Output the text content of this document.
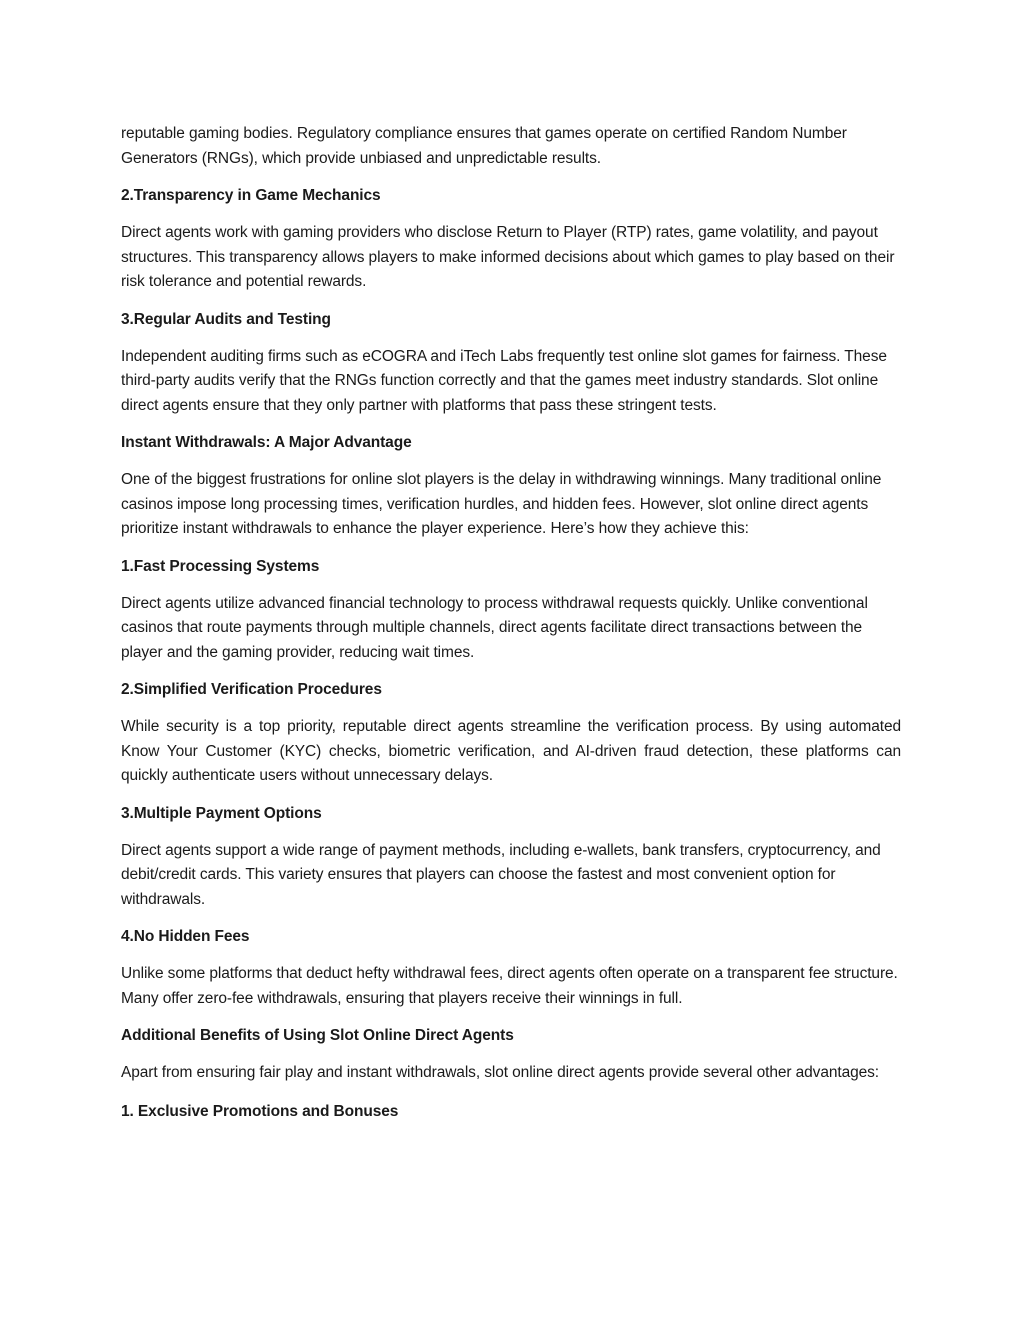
reputable gaming bodies. Regulatory compliance ensures that games operate on certified Random Number Generators (RNGs), which provide unbiased and unpredictable results.

2.Transparency in Game Mechanics

Direct agents work with gaming providers who disclose Return to Player (RTP) rates, game volatility, and payout structures. This transparency allows players to make informed decisions about which games to play based on their risk tolerance and potential rewards.

3.Regular Audits and Testing

Independent auditing firms such as eCOGRA and iTech Labs frequently test online slot games for fairness. These third-party audits verify that the RNGs function correctly and that the games meet industry standards. Slot online direct agents ensure that they only partner with platforms that pass these stringent tests.

Instant Withdrawals: A Major Advantage

One of the biggest frustrations for online slot players is the delay in withdrawing winnings. Many traditional online casinos impose long processing times, verification hurdles, and hidden fees. However, slot online direct agents prioritize instant withdrawals to enhance the player experience. Here’s how they achieve this:

1.Fast Processing Systems

Direct agents utilize advanced financial technology to process withdrawal requests quickly. Unlike conventional casinos that route payments through multiple channels, direct agents facilitate direct transactions between the player and the gaming provider, reducing wait times.

2.Simplified Verification Procedures

While security is a top priority, reputable direct agents streamline the verification process. By using automated Know Your Customer (KYC) checks, biometric verification, and AI-driven fraud detection, these platforms can quickly authenticate users without unnecessary delays.

3.Multiple Payment Options

Direct agents support a wide range of payment methods, including e-wallets, bank transfers, cryptocurrency, and debit/credit cards. This variety ensures that players can choose the fastest and most convenient option for withdrawals.

4.No Hidden Fees

Unlike some platforms that deduct hefty withdrawal fees, direct agents often operate on a transparent fee structure. Many offer zero-fee withdrawals, ensuring that players receive their winnings in full.

Additional Benefits of Using Slot Online Direct Agents

Apart from ensuring fair play and instant withdrawals, slot online direct agents provide several other advantages:

1. Exclusive Promotions and Bonuses
